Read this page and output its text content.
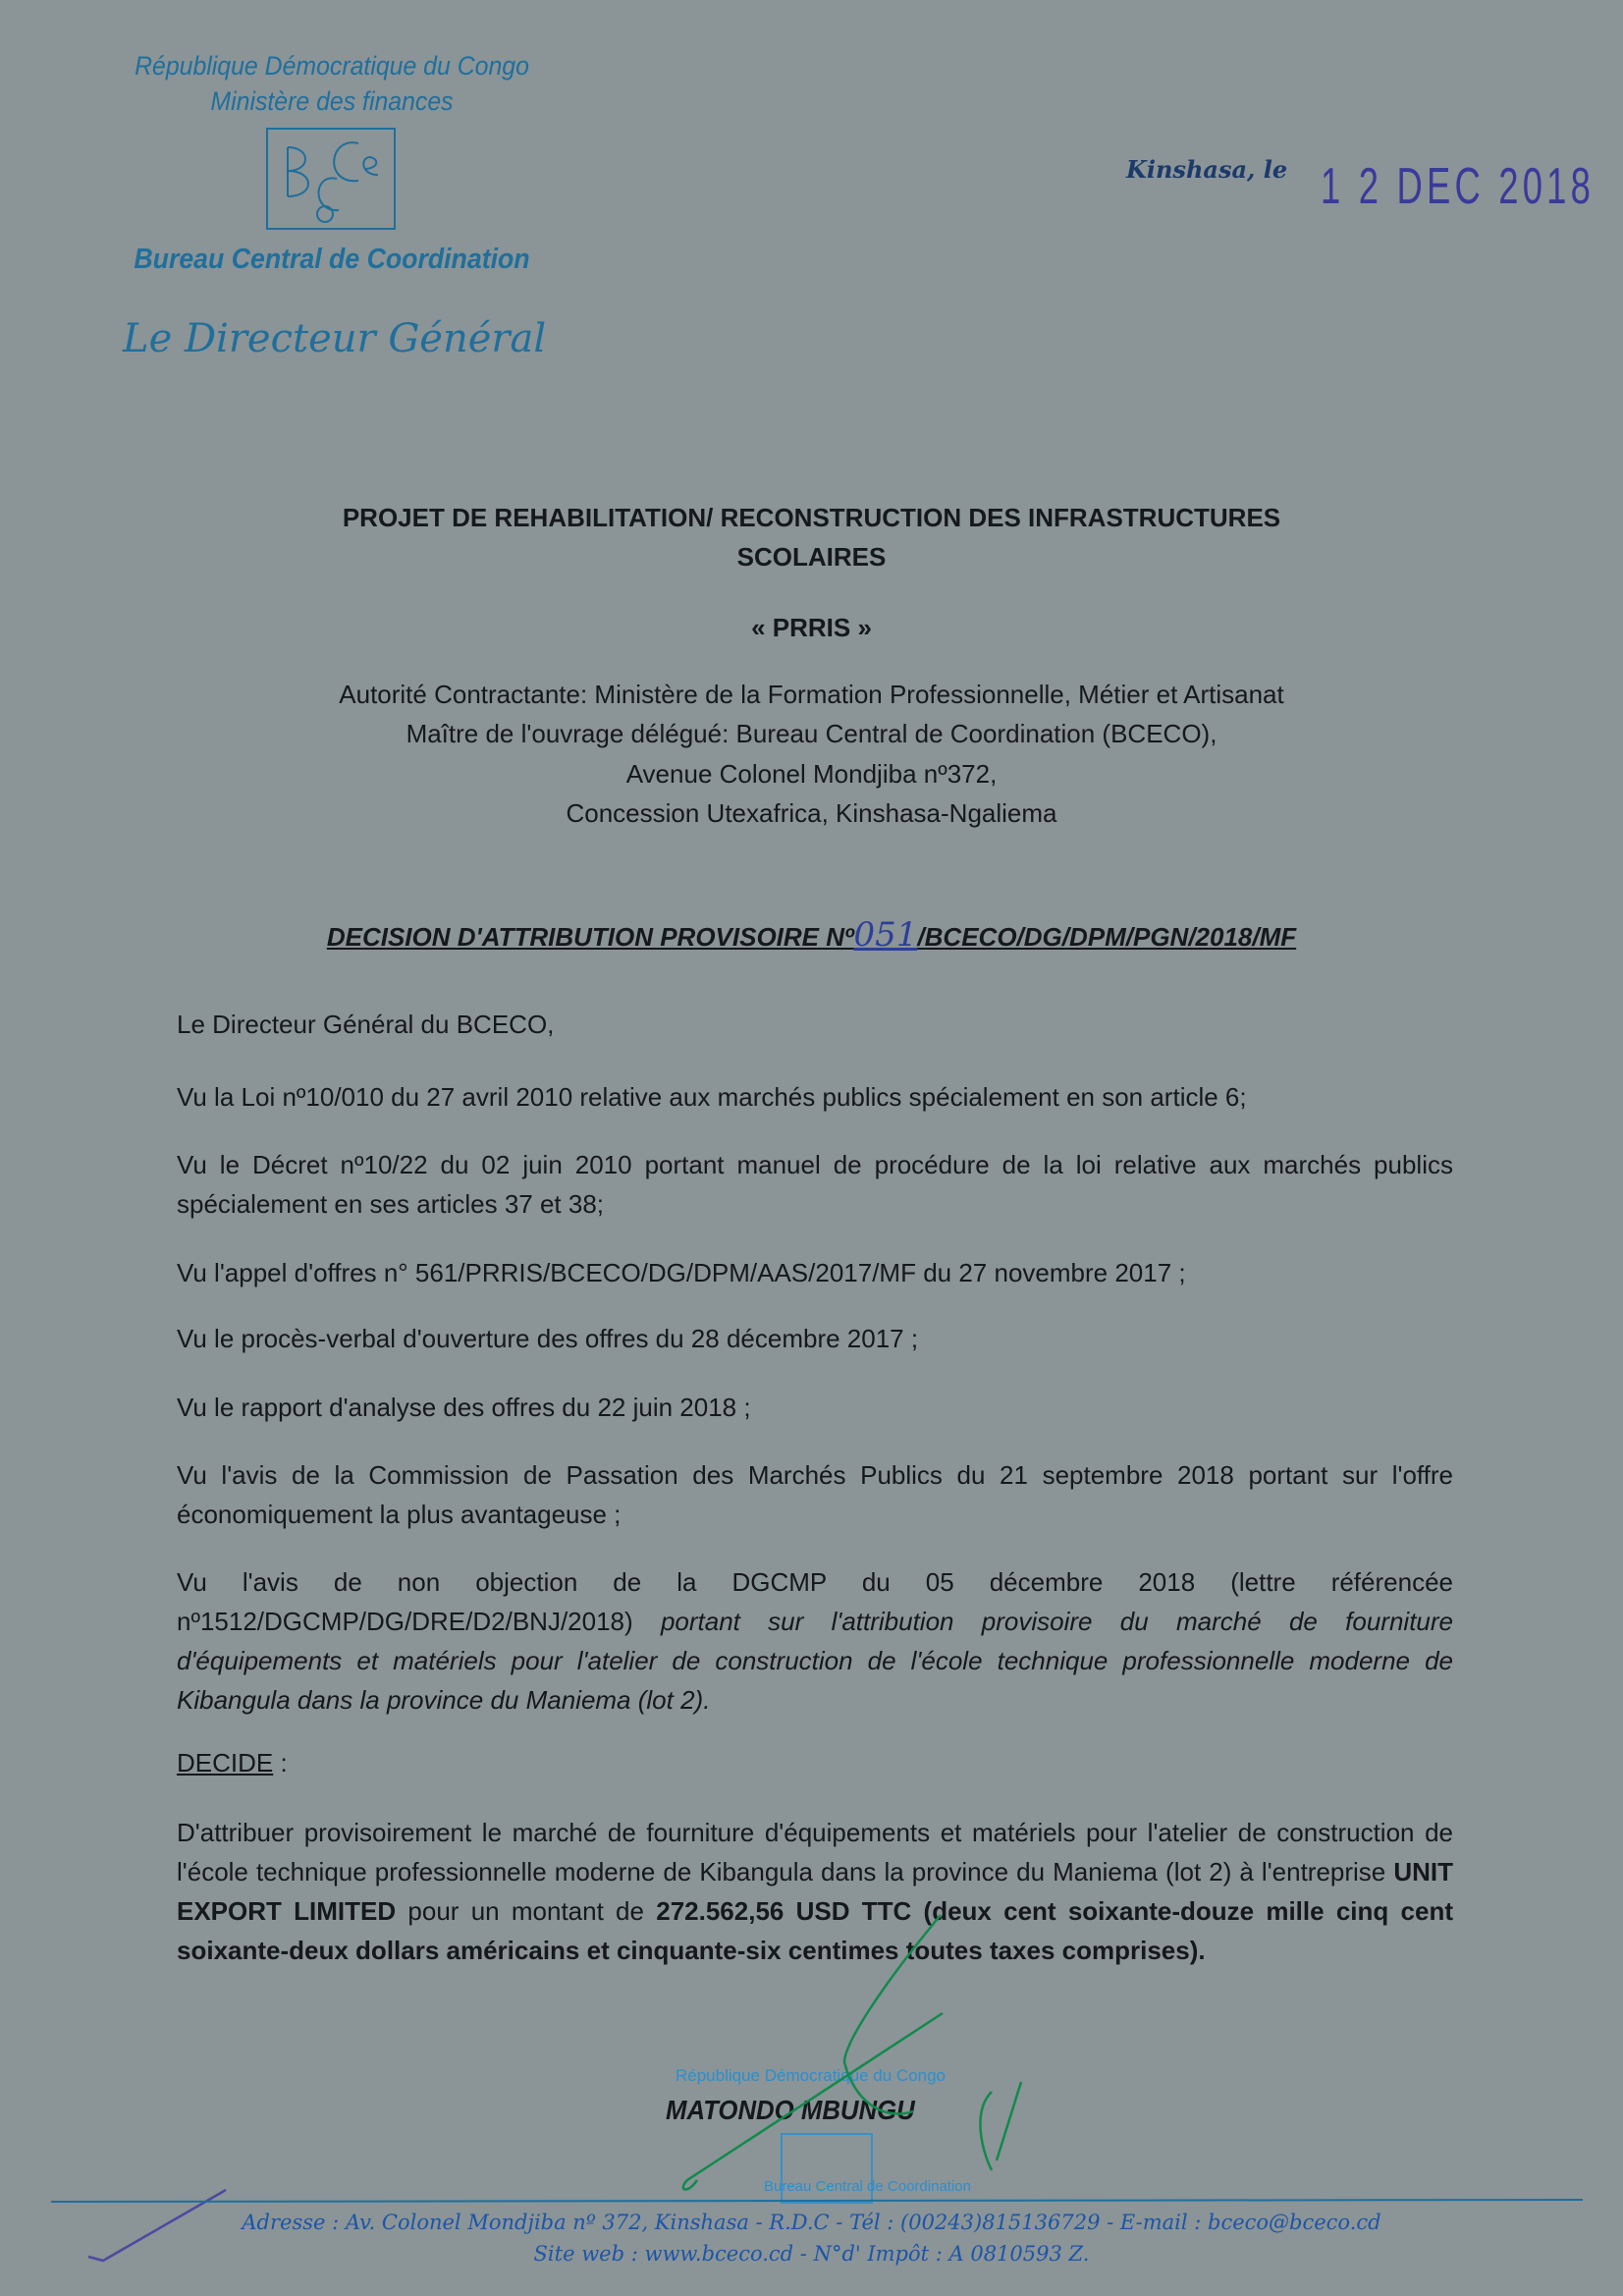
République Démocratique du Congo
Ministère des finances
Bureau Central de Coordination
Le Directeur Général
Kinshasa, le 1 2 DEC 2018
PROJET DE REHABILITATION/ RECONSTRUCTION DES INFRASTRUCTURES
SCOLAIRES
« PRRIS »
Autorité Contractante: Ministère de la Formation Professionnelle, Métier et Artisanat
Maître de l'ouvrage délégué: Bureau Central de Coordination (BCECO),
Avenue Colonel Mondjiba nº372,
Concession Utexafrica, Kinshasa-Ngaliema
DECISION D'ATTRIBUTION PROVISOIRE Nº051/BCECO/DG/DPM/PGN/2018/MF
Le Directeur Général du BCECO,
Vu la Loi nº10/010 du 27 avril 2010 relative aux marchés publics spécialement en son article 6;
Vu le Décret nº10/22 du 02 juin 2010 portant manuel de procédure de la loi relative aux marchés publics spécialement en ses articles 37 et 38;
Vu l'appel d'offres n° 561/PRRIS/BCECO/DG/DPM/AAS/2017/MF du 27 novembre 2017 ;
Vu le procès-verbal d'ouverture des offres du 28 décembre 2017 ;
Vu le rapport d'analyse des offres du 22 juin 2018 ;
Vu l'avis de la Commission de Passation des Marchés Publics du 21 septembre 2018 portant sur l'offre économiquement la plus avantageuse ;
Vu l'avis de non objection de la DGCMP du 05 décembre 2018 (lettre référencée nº1512/DGCMP/DG/DRE/D2/BNJ/2018) portant sur l'attribution provisoire du marché de fourniture d'équipements et matériels pour l'atelier de construction de l'école technique professionnelle moderne de Kibangula dans la province du Maniema (lot 2).
DECIDE :
D'attribuer provisoirement le marché de fourniture d'équipements et matériels pour l'atelier de construction de l'école technique professionnelle moderne de Kibangula dans la province du Maniema (lot 2) à l'entreprise UNIT EXPORT LIMITED pour un montant de 272.562,56 USD TTC (deux cent soixante-douze mille cinq cent soixante-deux dollars américains et cinquante-six centimes toutes taxes comprises).
République Démocratique du Congo
Bureau Central de Coordination
MATONDO MBUNGU
Adresse : Av. Colonel Mondjiba nº 372, Kinshasa - R.D.C - Tél : (00243)815136729 - E-mail : bceco@bceco.cd
Site web : www.bceco.cd - N°d' Impôt : A 0810593 Z.
